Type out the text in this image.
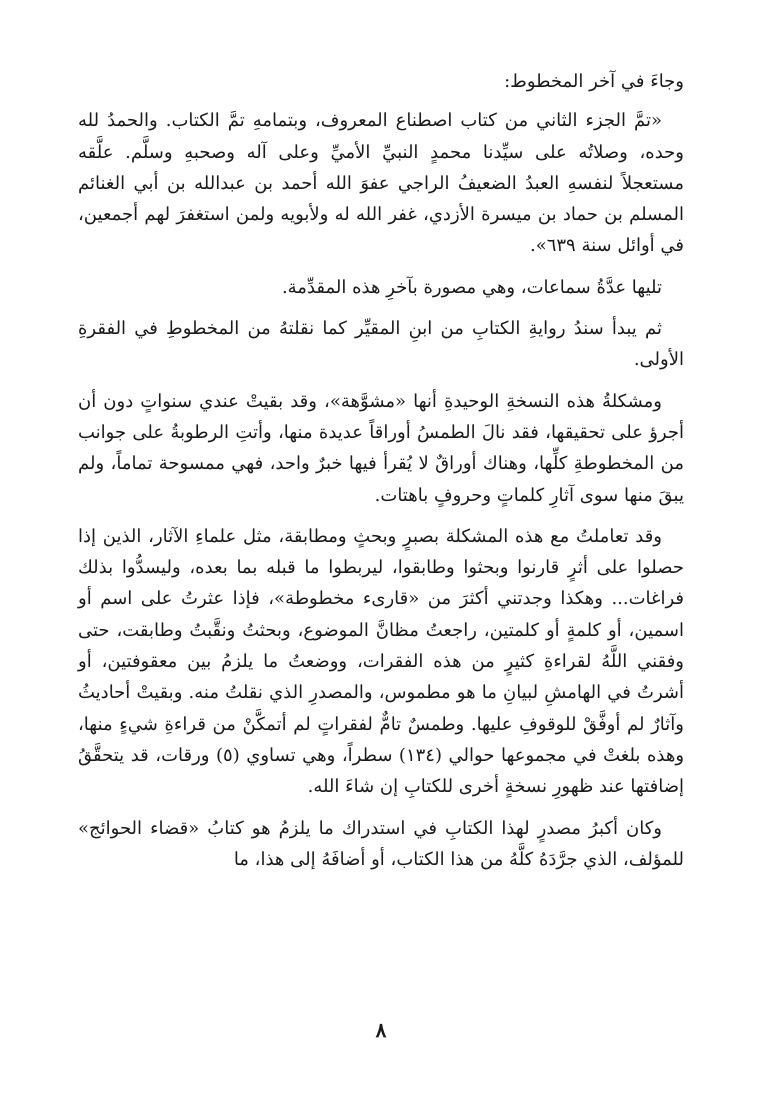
وجاءَ في آخر المخطوط:

«تمَّ الجزء الثاني من كتاب اصطناع المعروف، وبتمامهِ تمَّ الكتاب. والحمدُ لله وحده، وصلاتُه على سيِّدنا محمدٍ النبيِّ الأميِّ وعلى آله وصحبهِ وسلَّم. علَّقه مستعجلاً لنفسهِ العبدُ الضعيفُ الراجي عفوَ الله أحمد بن عبدالله بن أبي الغنائم المسلم بن حماد بن ميسرة الأزدي، غفر الله له ولأبويه ولمن استغفرَ لهم أجمعين، في أوائل سنة ٦٣٩».

تليها عدَّةُ سماعات، وهي مصورة بآخرِ هذه المقدِّمة.

ثم يبدأ سندُ روايةِ الكتابِ من ابنِ المقيِّر كما نقلتهُ من المخطوطِ في الفقرةِ الأولى.

ومشكلةُ هذه النسخةِ الوحيدةِ أنها «مشوَّهة»، وقد بقيتْ عندي سنواتٍ دون أن أجرؤ على تحقيقها، فقد نالَ الطمسُ أوراقاً عديدة منها، وأتتِ الرطوبةُ على جوانب من المخطوطةِ كلِّها، وهناك أوراقٌ لا يُقرأ فيها خبرٌ واحد، فهي ممسوحة تماماً، ولم يبقَ منها سوى آثارِ كلماتٍ وحروفٍ باهتات.

وقد تعاملتُ مع هذه المشكلة بصبرٍ وبحثٍ ومطابقة، مثل علماءِ الآثار، الذين إذا حصلوا على أثرٍ قارنوا وبحثوا وطابقوا، ليربطوا ما قبله بما بعده، وليسدُّوا بذلك فراغات... وهكذا وجدتني أكثرَ من «قارىء مخطوطة»، فإذا عثرتُ على اسم أو اسمين، أو كلمةٍ أو كلمتين، راجعتُ مظانَّ الموضوع، وبحثتُ ونقَّبتُ وطابقت، حتى وفقني اللَّهُ لقراءةِ كثيرٍ من هذه الفقرات، ووضعتُ ما يلزمُ بين معقوفتين، أو أشرتُ في الهامشِ لبيانِ ما هو مطموس، والمصدرِ الذي نقلتُ منه. وبقيتْ أحاديثُ وآثارٌ لم أوفَّقْ للوقوفِ عليها. وطمسٌ تامٌّ لفقراتٍ لم أتمكَّنْ من قراءةِ شيءٍ منها، وهذه بلغتْ في مجموعها حوالي (١٣٤) سطراً، وهي تساوي (٥) ورقات، قد يتحقَّقُ إضافتها عند ظهورِ نسخةٍ أخرى للكتابِ إن شاءَ الله.

وكان أكبرُ مصدرٍ لهذا الكتابِ في استدراك ما يلزمُ هو كتابُ «قضاء الحوائج» للمؤلف، الذي جرَّدَهُ كلَّهُ من هذا الكتاب، أو أضافَهُ إلى هذا، ما

٨
